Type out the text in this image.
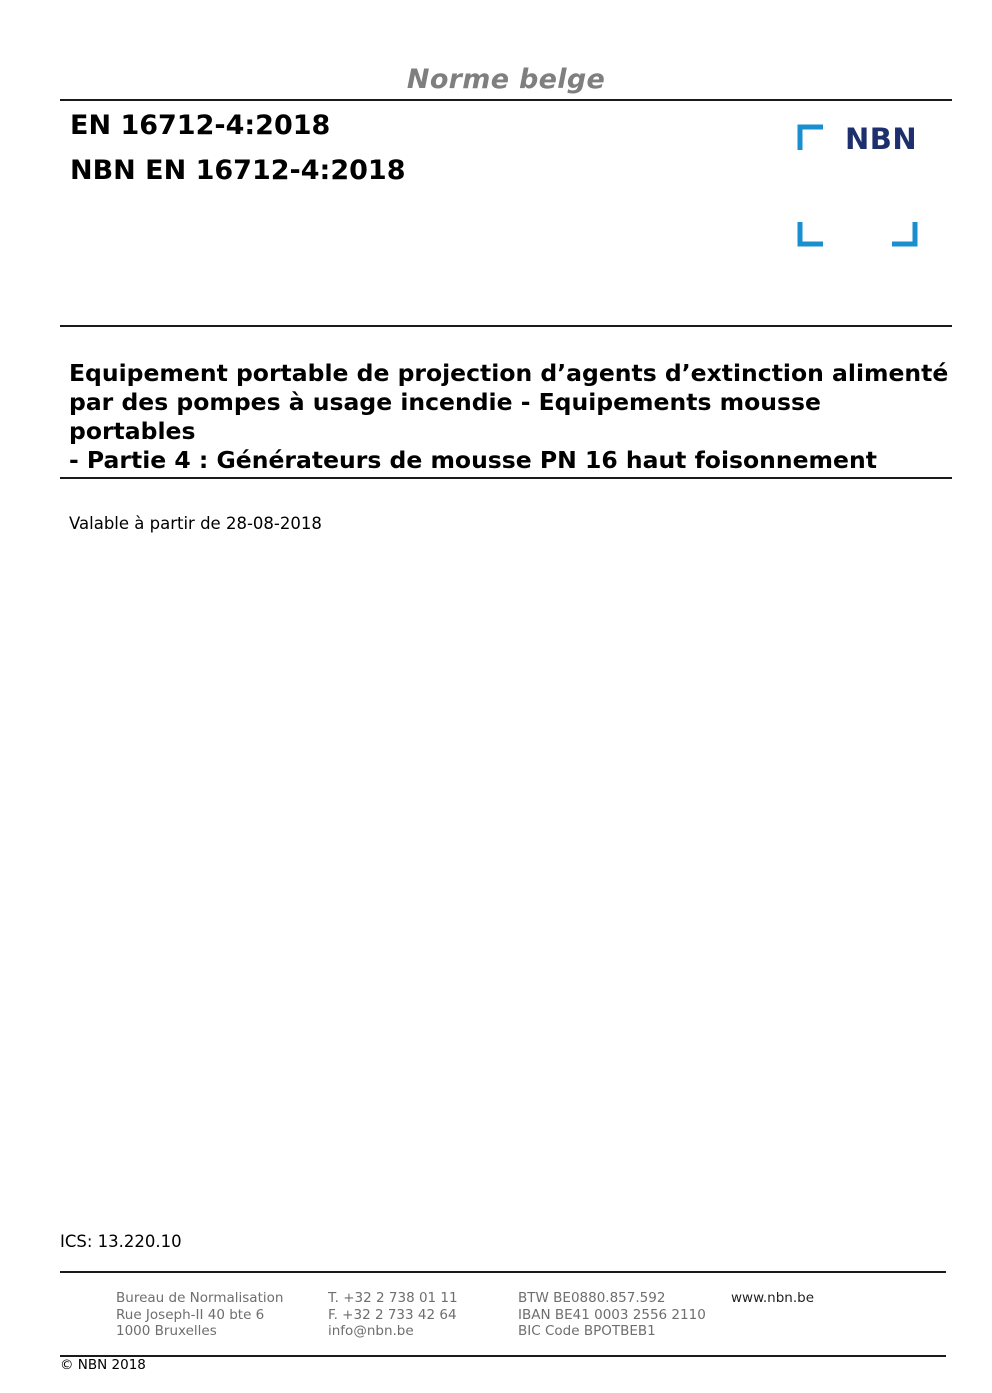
Norme belge
EN 16712-4:2018
NBN EN 16712-4:2018
NBN
Equipement portable de projection d’agents d’extinction alimenté
par des pompes à usage incendie - Equipements mousse portables
- Partie 4 : Générateurs de mousse PN 16 haut foisonnement
Valable à partir de 28-08-2018
ICS: 13.220.10
Bureau de Normalisation
Rue Joseph-II 40 bte 6
1000 Bruxelles
T. +32 2 738 01 11
F. +32 2 733 42 64
info@nbn.be
BTW BE0880.857.592
IBAN BE41 0003 2556 2110
BIC Code BPOTBEB1
www.nbn.be
© NBN 2018
